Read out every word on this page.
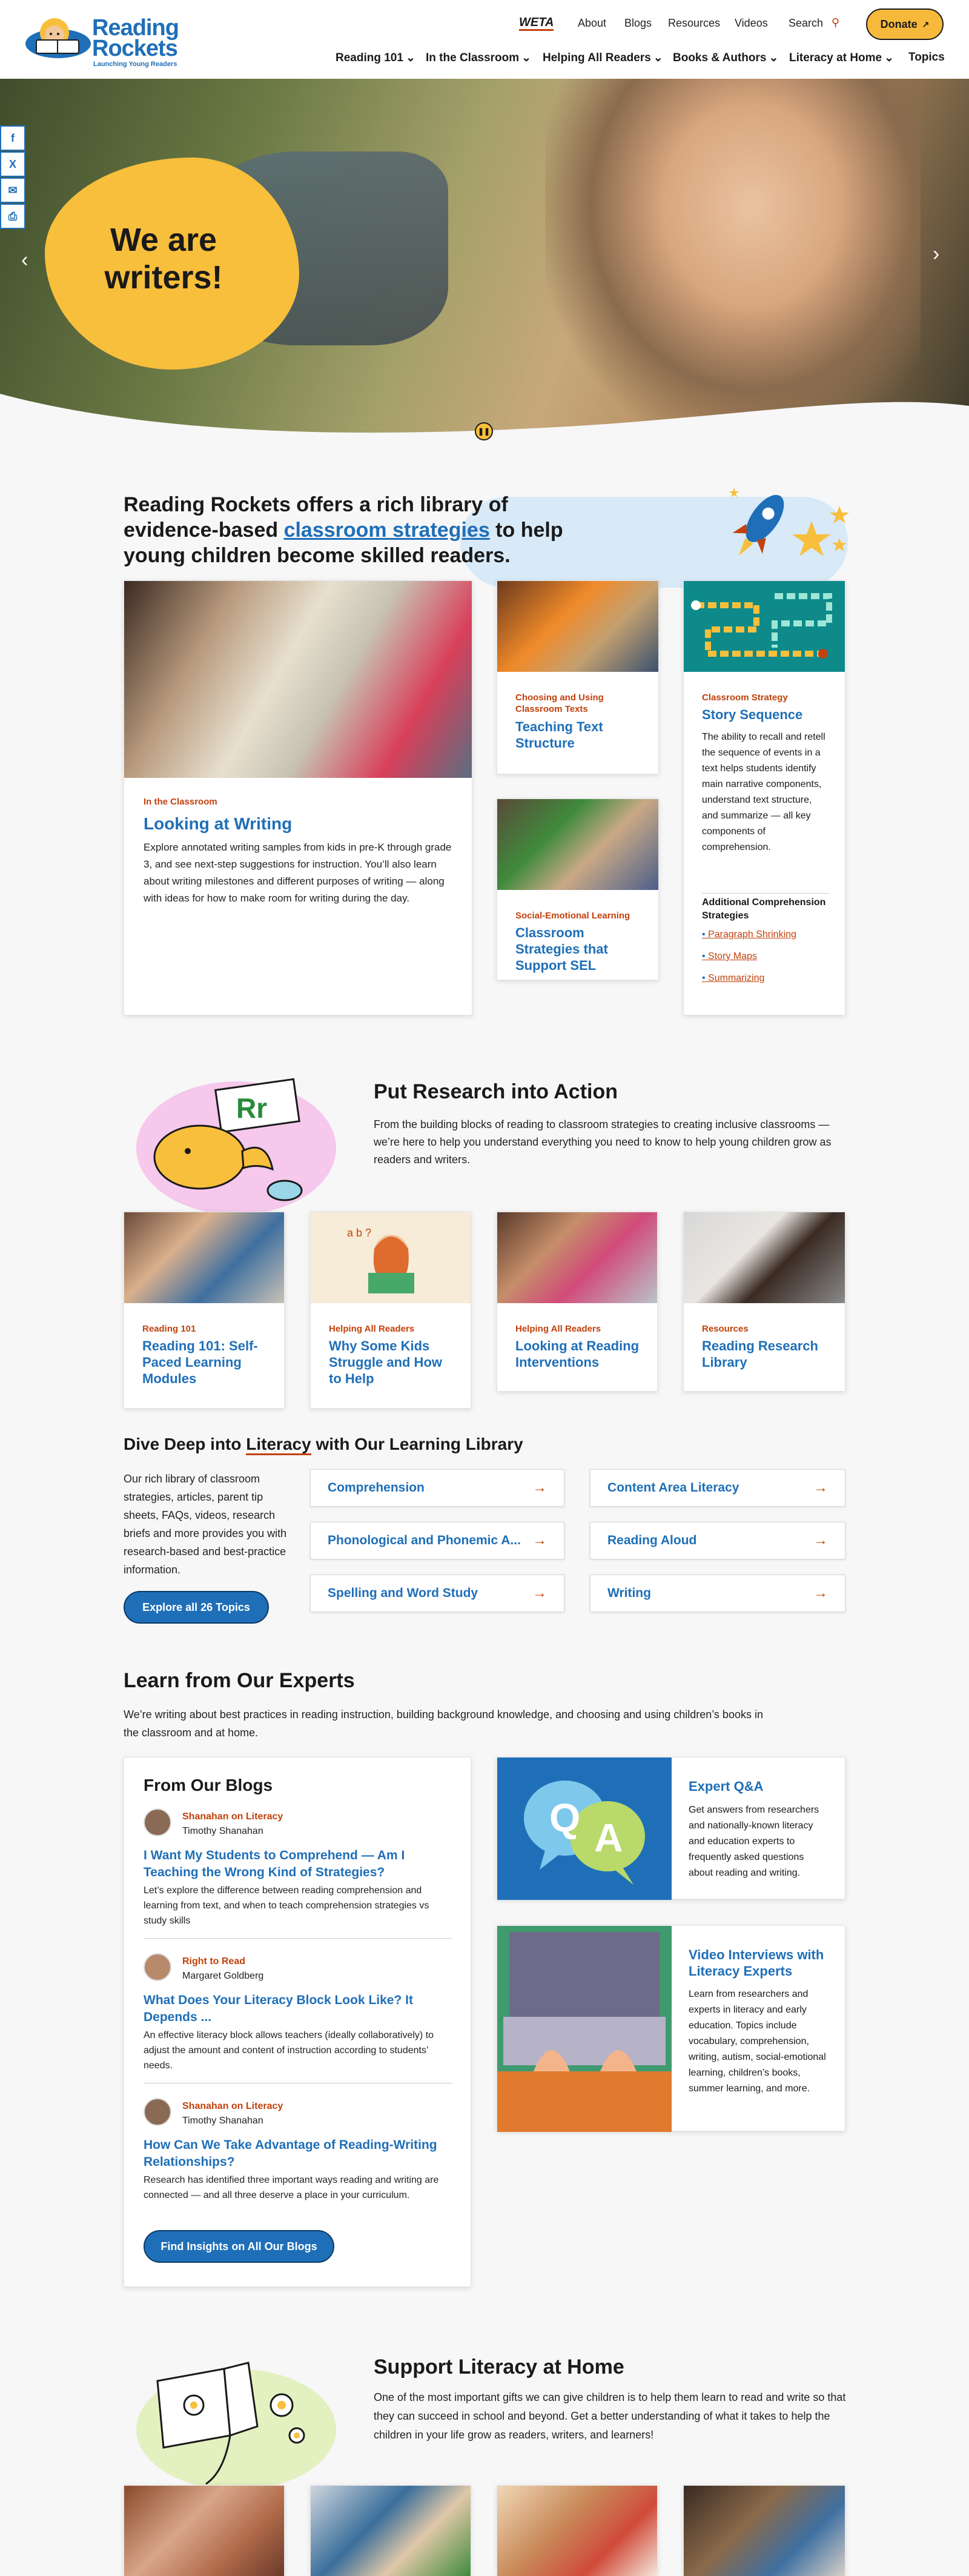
Reading
Rockets
Launching Young Readers
WETA About Blogs Resources Videos Search ⚲	Donate ↗
Reading 101 ⌄ In the Classroom ⌄ Helping All Readers ⌄ Books & Authors ⌄ Literacy at Home ⌄ Topics
We are writers!
‹	›
❚❚
f
X
✉
⎙
Reading Rockets offers a rich library of evidence-based classroom strategies to help young children become skilled readers.
In the Classroom
Looking at Writing
Explore annotated writing samples from kids in pre-K through grade 3, and see next-step suggestions for instruction. You’ll also learn about writing milestones and different purposes of writing — along with ideas for how to make room for writing during the day.
Choosing and Using Classroom Texts
Teaching Text Structure
Social-Emotional Learning
Classroom Strategies that Support SEL
Classroom Strategy
Story Sequence
The ability to recall and retell the sequence of events in a text helps students identify main narrative components, understand text structure, and summarize — all key components of comprehension.
Additional Comprehension Strategies
• Paragraph Shrinking
• Story Maps
• Summarizing
Rr
Put Research into Action
From the building blocks of reading to classroom strategies to creating inclusive classrooms — we’re here to help you understand everything you need to know to help young children grow as readers and writers.
Reading 101
Reading 101: Self-Paced Learning Modules
a b ?
Helping All Readers
Why Some Kids Struggle and How to Help
Helping All Readers
Looking at Reading Interventions
Resources
Reading Research Library
Dive Deep into Literacy with Our Learning Library
Our rich library of classroom strategies, articles, parent tip sheets, FAQs, videos, research briefs and more provides you with research-based and best-practice information.
Explore all 26 Topics
Comprehension	→	Content Area Literacy	→
Phonological and Phonemic A... →	Reading Aloud	→
Spelling and Word Study	→	Writing	→
Learn from Our Experts
We’re writing about best practices in reading instruction, building background knowledge, and choosing and using children’s books in the classroom and at home.
From Our Blogs
Shanahan on Literacy
Timothy Shanahan
I Want My Students to Comprehend — Am I Teaching the Wrong Kind of Strategies?
Let’s explore the difference between reading comprehension and learning from text, and when to teach comprehension strategies vs study skills
Right to Read
Margaret Goldberg
What Does Your Literacy Block Look Like? It Depends ...
An effective literacy block allows teachers (ideally collaboratively) to adjust the amount and content of instruction according to students’ needs.
Shanahan on Literacy
Timothy Shanahan
How Can We Take Advantage of Reading-Writing Relationships?
Research has identified three important ways reading and writing are connected — and all three deserve a place in your curriculum.
Find Insights on All Our Blogs
Q A
Expert Q&A
Get answers from researchers and nationally-known literacy and education experts to frequently asked questions about reading and writing.
Video Interviews with Literacy Experts
Learn from researchers and experts in literacy and early education. Topics include vocabulary, comprehension, writing, autism, social-emotional learning, children’s books, summer learning, and more.
Support Literacy at Home
One of the most important gifts we can give children is to help them learn to read and write so that they can succeed in school and beyond. Get a better understanding of what it takes to help the children in your life grow as readers, writers, and learners!
